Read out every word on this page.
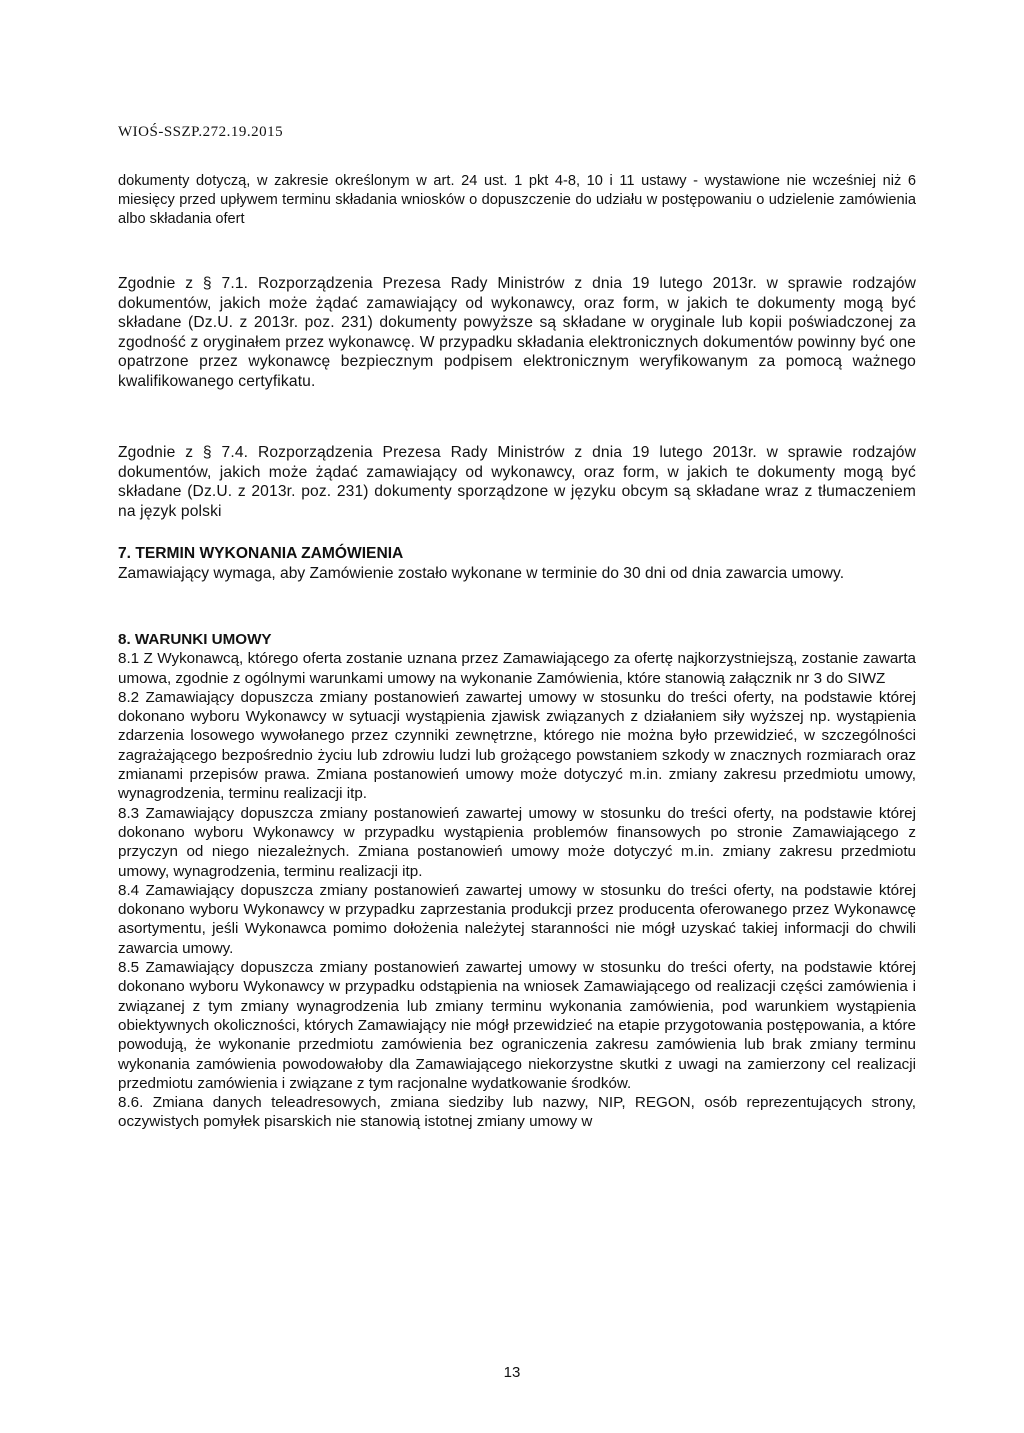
WIOŚ-SSZP.272.19.2015

dokumenty dotyczą, w zakresie określonym w art. 24 ust. 1 pkt 4-8, 10 i 11 ustawy - wystawione nie wcześniej niż 6 miesięcy przed upływem terminu składania wniosków o dopuszczenie do udziału w postępowaniu o udzielenie zamówienia albo składania ofert

Zgodnie z § 7.1. Rozporządzenia Prezesa Rady Ministrów z dnia 19 lutego 2013r. w sprawie rodzajów dokumentów, jakich może żądać zamawiający od wykonawcy, oraz form, w jakich te dokumenty mogą być składane (Dz.U. z 2013r. poz. 231) dokumenty powyższe są składane w oryginale lub kopii poświadczonej za zgodność z oryginałem przez wykonawcę. W przypadku składania elektronicznych dokumentów powinny być one opatrzone przez wykonawcę bezpiecznym podpisem elektronicznym weryfikowanym za pomocą ważnego kwalifikowanego certyfikatu.

Zgodnie z § 7.4. Rozporządzenia Prezesa Rady Ministrów z dnia 19 lutego 2013r. w sprawie rodzajów dokumentów, jakich może żądać zamawiający od wykonawcy, oraz form, w jakich te dokumenty mogą być składane (Dz.U. z 2013r. poz. 231) dokumenty sporządzone w języku obcym są składane wraz z tłumaczeniem na język polski

7. TERMIN WYKONANIA ZAMÓWIENIA

Zamawiający wymaga, aby Zamówienie zostało wykonane w terminie do 30 dni od dnia zawarcia umowy.

8. WARUNKI UMOWY

8.1 Z Wykonawcą, którego oferta zostanie uznana przez Zamawiającego za ofertę najkorzystniejszą, zostanie zawarta umowa, zgodnie z ogólnymi warunkami umowy na wykonanie Zamówienia, które stanowią załącznik nr 3 do SIWZ

8.2 Zamawiający dopuszcza zmiany postanowień zawartej umowy w stosunku do treści oferty, na podstawie której dokonano wyboru Wykonawcy w sytuacji wystąpienia zjawisk związanych z działaniem siły wyższej np. wystąpienia zdarzenia losowego wywołanego przez czynniki zewnętrzne, którego nie można było przewidzieć, w szczególności zagrażającego bezpośrednio życiu lub zdrowiu ludzi lub grożącego powstaniem szkody w znacznych rozmiarach oraz zmianami przepisów prawa. Zmiana postanowień umowy może dotyczyć m.in. zmiany zakresu przedmiotu umowy, wynagrodzenia, terminu realizacji itp.

8.3 Zamawiający dopuszcza zmiany postanowień zawartej umowy w stosunku do treści oferty, na podstawie której dokonano wyboru Wykonawcy w przypadku wystąpienia problemów finansowych po stronie Zamawiającego z przyczyn od niego niezależnych. Zmiana postanowień umowy może dotyczyć m.in. zmiany zakresu przedmiotu umowy, wynagrodzenia, terminu realizacji itp.

8.4 Zamawiający dopuszcza zmiany postanowień zawartej umowy w stosunku do treści oferty, na podstawie której dokonano wyboru Wykonawcy w przypadku zaprzestania produkcji przez producenta oferowanego przez Wykonawcę asortymentu, jeśli Wykonawca pomimo dołożenia należytej staranności nie mógł uzyskać takiej informacji do chwili zawarcia umowy.

8.5 Zamawiający dopuszcza zmiany postanowień zawartej umowy w stosunku do treści oferty, na podstawie której dokonano wyboru Wykonawcy w przypadku odstąpienia na wniosek Zamawiającego od realizacji części zamówienia i związanej z tym zmiany wynagrodzenia lub zmiany terminu wykonania zamówienia, pod warunkiem wystąpienia obiektywnych okoliczności, których Zamawiający nie mógł przewidzieć na etapie przygotowania postępowania, a które powodują, że wykonanie przedmiotu zamówienia bez ograniczenia zakresu zamówienia lub brak zmiany terminu wykonania zamówienia powodowałoby dla Zamawiającego niekorzystne skutki z uwagi na zamierzony cel realizacji przedmiotu zamówienia i związane z tym racjonalne wydatkowanie środków.

8.6. Zmiana danych teleadresowych, zmiana siedziby lub nazwy, NIP, REGON, osób reprezentujących strony, oczywistych pomyłek pisarskich nie stanowią istotnej zmiany umowy w

13
